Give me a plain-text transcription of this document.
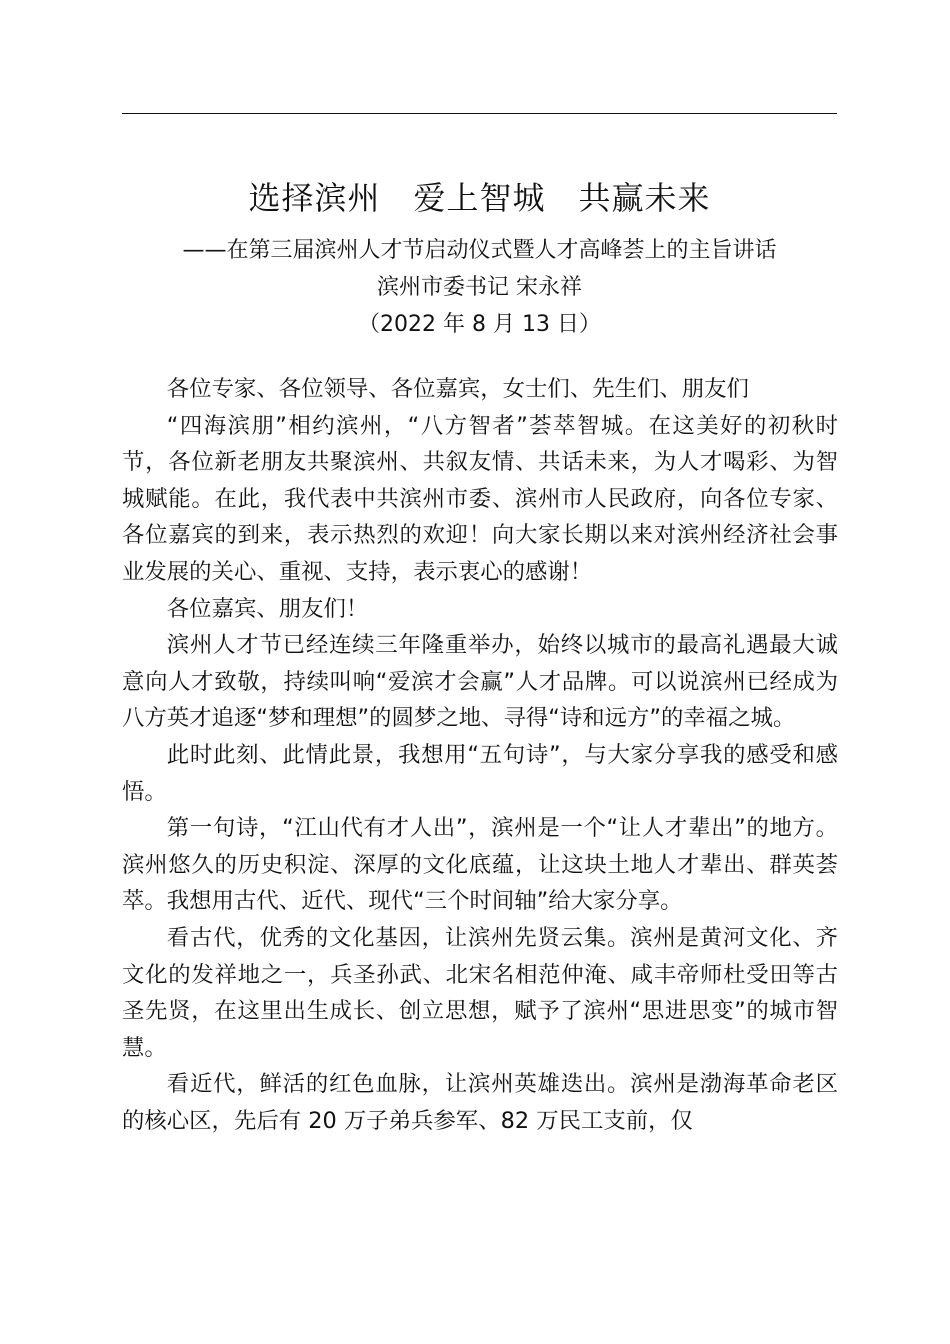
选择滨州　爱上智城　共赢未来

——在第三届滨州人才节启动仪式暨人才高峰荟上的主旨讲话

滨州市委书记 宋永祥

（2022 年 8 月 13 日）

各位专家、各位领导、各位嘉宾，女士们、先生们、朋友们

“四海滨朋”相约滨州，“八方智者”荟萃智城。在这美好的初秋时节，各位新老朋友共聚滨州、共叙友情、共话未来，为人才喝彩、为智城赋能。在此，我代表中共滨州市委、滨州市人民政府，向各位专家、各位嘉宾的到来，表示热烈的欢迎！向大家长期以来对滨州经济社会事业发展的关心、重视、支持，表示衷心的感谢！

各位嘉宾、朋友们！

滨州人才节已经连续三年隆重举办，始终以城市的最高礼遇最大诚意向人才致敬，持续叫响“爱滨才会赢”人才品牌。可以说滨州已经成为八方英才追逐“梦和理想”的圆梦之地、寻得“诗和远方”的幸福之城。

此时此刻、此情此景，我想用“五句诗”，与大家分享我的感受和感悟。

第一句诗，“江山代有才人出”，滨州是一个“让人才辈出”的地方。滨州悠久的历史积淀、深厚的文化底蕴，让这块土地人才辈出、群英荟萃。我想用古代、近代、现代“三个时间轴”给大家分享。

看古代，优秀的文化基因，让滨州先贤云集。滨州是黄河文化、齐文化的发祥地之一，兵圣孙武、北宋名相范仲淹、咸丰帝师杜受田等古圣先贤，在这里出生成长、创立思想，赋予了滨州“思进思变”的城市智慧。

看近代，鲜活的红色血脉，让滨州英雄迭出。滨州是渤海革命老区的核心区，先后有 20 万子弟兵参军、82 万民工支前，仅
